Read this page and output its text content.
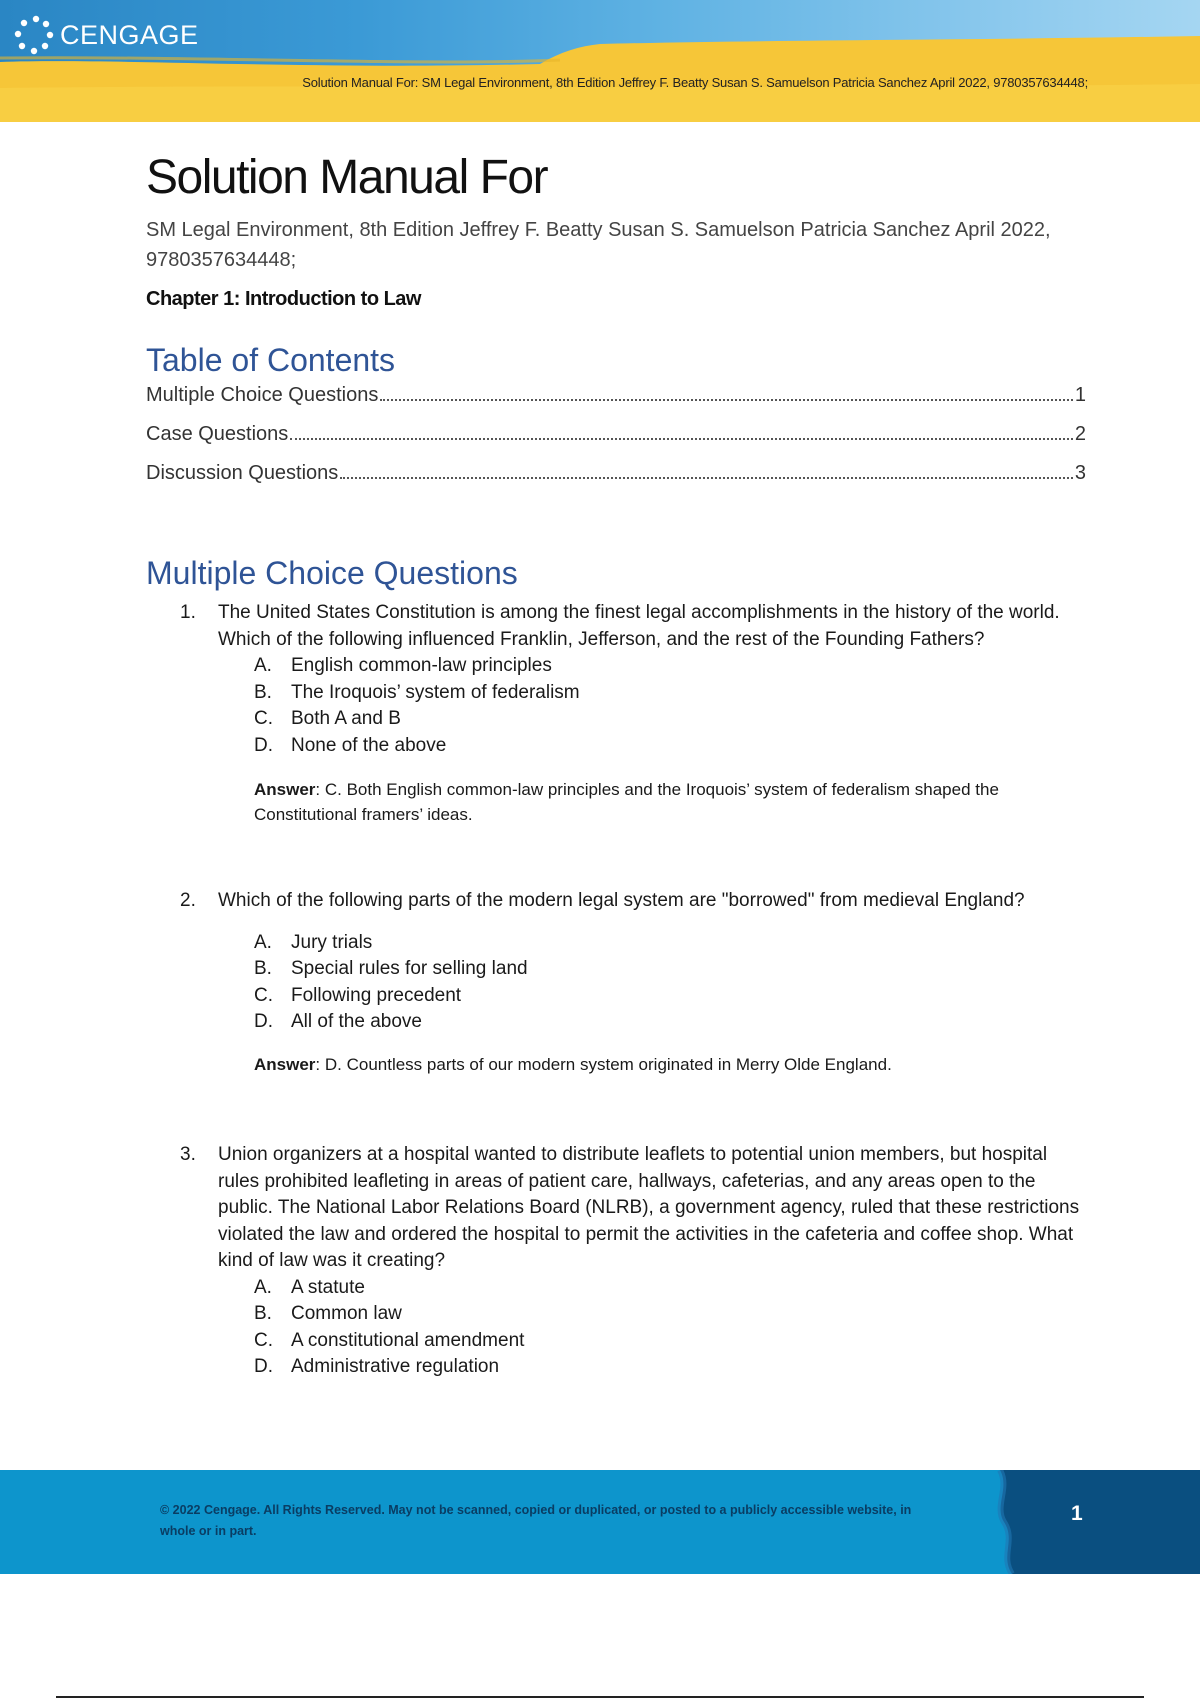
CENGAGE
Solution Manual For: SM Legal Environment, 8th Edition Jeffrey F. Beatty Susan S. Samuelson Patricia Sanchez April 2022, 9780357634448;
Solution Manual For
SM Legal Environment, 8th Edition Jeffrey F. Beatty Susan S. Samuelson Patricia Sanchez April 2022, 9780357634448;
Chapter 1: Introduction to Law
Table of Contents
Multiple Choice Questions	1
Case Questions	2
Discussion Questions	3
Multiple Choice Questions
1.	The United States Constitution is among the finest legal accomplishments in the history of the world. Which of the following influenced Franklin, Jefferson, and the rest of the Founding Fathers?
A.	English common-law principles
B.	The Iroquois’ system of federalism
C. Both A and B
D. None of the above
Answer: C. Both English common-law principles and the Iroquois’ system of federalism shaped the Constitutional framers’ ideas.
2.	Which of the following parts of the modern legal system are "borrowed" from medieval England?
A.	Jury trials
B.	Special rules for selling land
C. Following precedent
D. All of the above
Answer: D. Countless parts of our modern system originated in Merry Olde England.
3.	Union organizers at a hospital wanted to distribute leaflets to potential union members, but hospital rules prohibited leafleting in areas of patient care, hallways, cafeterias, and any areas open to the public. The National Labor Relations Board (NLRB), a government agency, ruled that these restrictions violated the law and ordered the hospital to permit the activities in the cafeteria and coffee shop. What kind of law was it creating?
A.	A statute
B.	Common law
C. A constitutional amendment
D. Administrative regulation
© 2022 Cengage. All Rights Reserved. May not be scanned, copied or duplicated, or posted to a publicly accessible website, in whole or in part.
1
